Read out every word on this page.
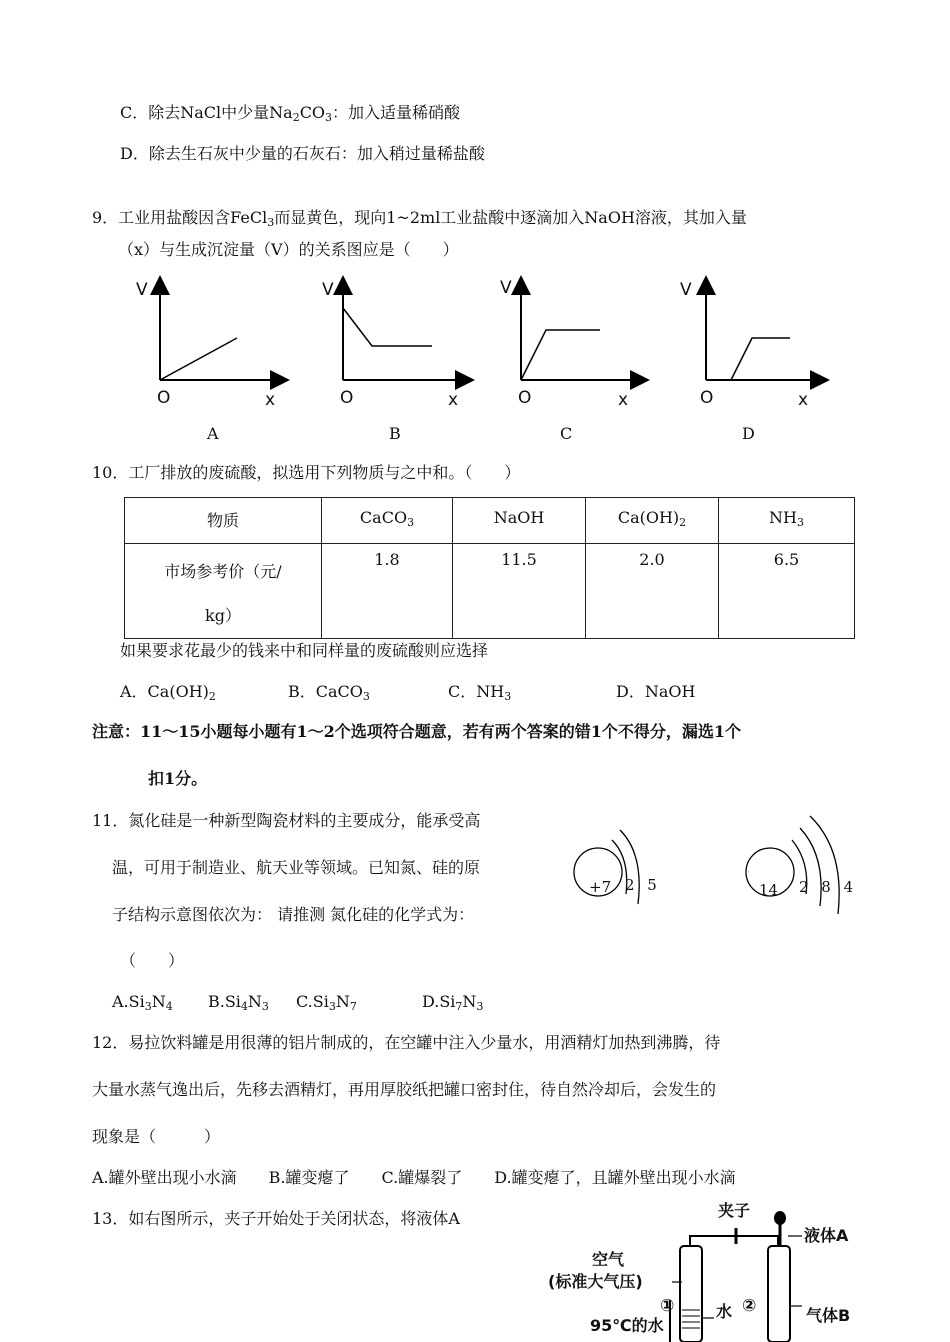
C．除去NaCl中少量$Na_2CO_3$：加入适量稀硝酸
D．除去生石灰中少量的石灰石：加入稍过量稀盐酸
9．工业用盐酸因含FeCl$_3$而显黄色，现向1~2ml工业盐酸中逐滴加入NaOH溶液，其加入量
（x）与生成沉淀量（V）的关系图应是（　　）
V
O	x
A
V
O	x
B
V
O	x
C
V
O	x
D
10．工厂排放的废硫酸，拟选用下列物质与之中和。（　　）
物质	CaCO$_3$	NaOH	$Ca(OH)_2$	$NH_3$
市场参考价（元/
kg）	1.8	11.5	2.0	6.5
如果要求花最少的钱来中和同样量的废硫酸则应选择
A．$Ca(OH)_2$	B．CaCO$_3$	C．$NH_3$	D．NaOH
注意：11～15小题每小题有1～2个选项符合题意，若有两个答案的错1个不得分，漏选1个
扣1分。
11．氮化硅是一种新型陶瓷材料的主要成分，能承受高
温，可用于制造业、航天业等领域。已知氮、硅的原
子结构示意图依次为： 请推测 氮化硅的化学式为：
（　　）
+7 2 5	14 2 8 4
$A.Si_3N_4$ $B.Si_4N_3$ $C.Si_3N_7$	$D.Si_7N_3$
12．易拉饮料罐是用很薄的铝片制成的，在空罐中注入少量水，用酒精灯加热到沸腾，待
大量水蒸气逸出后，先移去酒精灯，再用厚胶纸把罐口密封住，待自然冷却后，会发生的
现象是（　　　）
A.罐外壁出现小水滴　　B.罐变瘪了　　C.罐爆裂了　　D.罐变瘪了，且罐外壁出现小水滴
13．如右图所示，夹子开始处于关闭状态，将液体A	夹子
液体A
空气
(标准大气压)
①	水 ②	气体B
95℃的水
